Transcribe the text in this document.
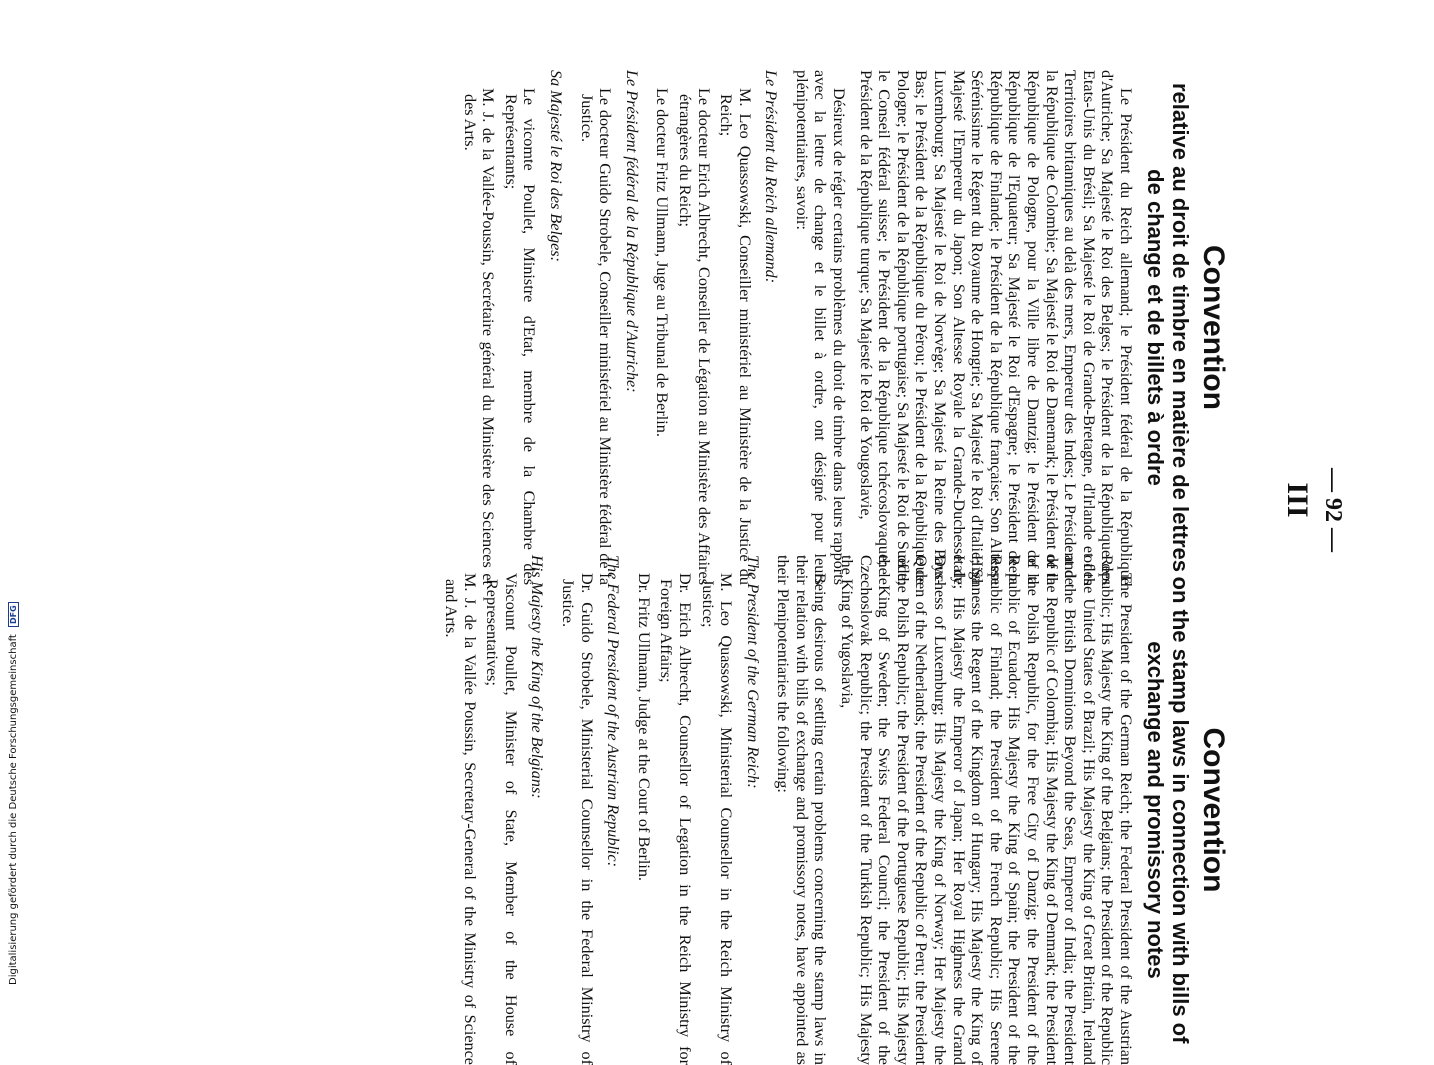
— 92 —
III
Convention
relative au droit de timbre en matière de lettres de change et de billets à ordre

Le Président du Reich allemand; le Président fédéral de la République d'Autriche; Sa Majesté le Roi des Belges; le Président de la République des Etats-Unis du Brésil; Sa Majesté le Roi de Grande-Bretagne, d'Irlande et des Territoires britanniques au delà des mers, Empereur des Indes; Le Président de la République de Colombie; Sa Majesté le Roi de Danemark; le Président de la République de Pologne, pour la Ville libre de Dantzig; le Président de la République de l'Equateur; Sa Majesté le Roi d'Espagne; le Président de la République de Finlande; le Président de la République française; Son Altesse Sérénissime le Régent du Royaume de Hongrie; Sa Majesté le Roi d'Italie; Sa Majesté l'Empereur du Japon; Son Altesse Royale la Grande-Duchesse de Luxembourg; Sa Majesté le Roi de Norvège; Sa Majesté la Reine des Pays-Bas; le Président de la République du Pérou; le Président de la République de Pologne; le Président de la République portugaise; Sa Majesté le Roi de Suède; le Conseil fédéral suisse; le Président de la République tchécoslovaque; le Président de la République turque; Sa Majesté le Roi de Yougoslavie,

Désireux de régler certains problèmes du droit de timbre dans leurs rapports avec la lettre de change et le billet à ordre, ont désigné pour leurs plénipotentiaires, savoir:

Le Président du Reich allemand:

M. Leo Quassowski, Conseiller ministériel au Ministère de la Justice du Reich;

Le docteur Erich Albrecht, Conseiller de Légation au Ministère des Affaires étrangères du Reich;

Le docteur Fritz Ullmann, Juge au Tribunal de Berlin.

Le Président fédéral de la République d'Autriche:

Le docteur Guido Strobele, Conseiller ministériel au Ministère fédéral de la Justice.

Sa Majesté le Roi des Belges:

Le vicomte Poullet, Ministre d'Etat, membre de la Chambre des Représentants;

M. J. de la Vallée-Poussin, Secrétaire général du Ministère des Sciences et des Arts.

Convention
on the stamp laws in connection with bills of exchange and promissory notes

The President of the German Reich; the Federal President of the Austrian Republic; His Majesty the King of the Belgians; the President of the Republic of the United States of Brazil; His Majesty the King of Great Britain, Ireland and the British Dominions Beyond the Seas, Emperor of India; the President of the Republic of Colombia; His Majesty the King of Denmark; the President of the Polish Republic, for the Free City of Danzig; the President of the Republic of Ecuador; His Majesty the King of Spain; the President of the Republic of Finland; the President of the French Republic; His Serene Highness the Regent of the Kingdom of Hungary; His Majesty the King of Italy; His Majesty the Emperor of Japan; Her Royal Highness the Grand Duchess of Luxemburg; His Majesty the King of Norway; Her Majesty the Queen of the Netherlands; the President of the Republic of Peru; the President of the Polish Republic; the President of the Portuguese Republic; His Majesty the King of Sweden; the Swiss Federal Council; the President of the Czechoslovak Republic; the President of the Turkish Republic; His Majesty the King of Yugoslavia,

Being desirous of settling certain problems concerning the stamp laws in their relation with bills of exchange and promissory notes, have appointed as their Plenipotentiaries the following:

The President of the German Reich:

M. Leo Quassowski, Ministerial Counsellor in the Reich Ministry of Justice;

Dr. Erich Albrecht, Counsellor of Legation in the Reich Ministry for Foreign Affairs;

Dr. Fritz Ullmann, Judge at the Court of Berlin.

The Federal President of the Austrian Republic:

Dr. Guido Strobele, Ministerial Counsellor in the Federal Ministry of Justice.

His Majesty the King of the Belgians:

Viscount Poullet, Minister of State, Member of the House of Representatives;

M. J. de la Vallée Poussin, Secretary-General of the Ministry of Science and Arts.

Digitalisierung gefördert durch die Deutsche Forschungsgemeinschaft DFG
